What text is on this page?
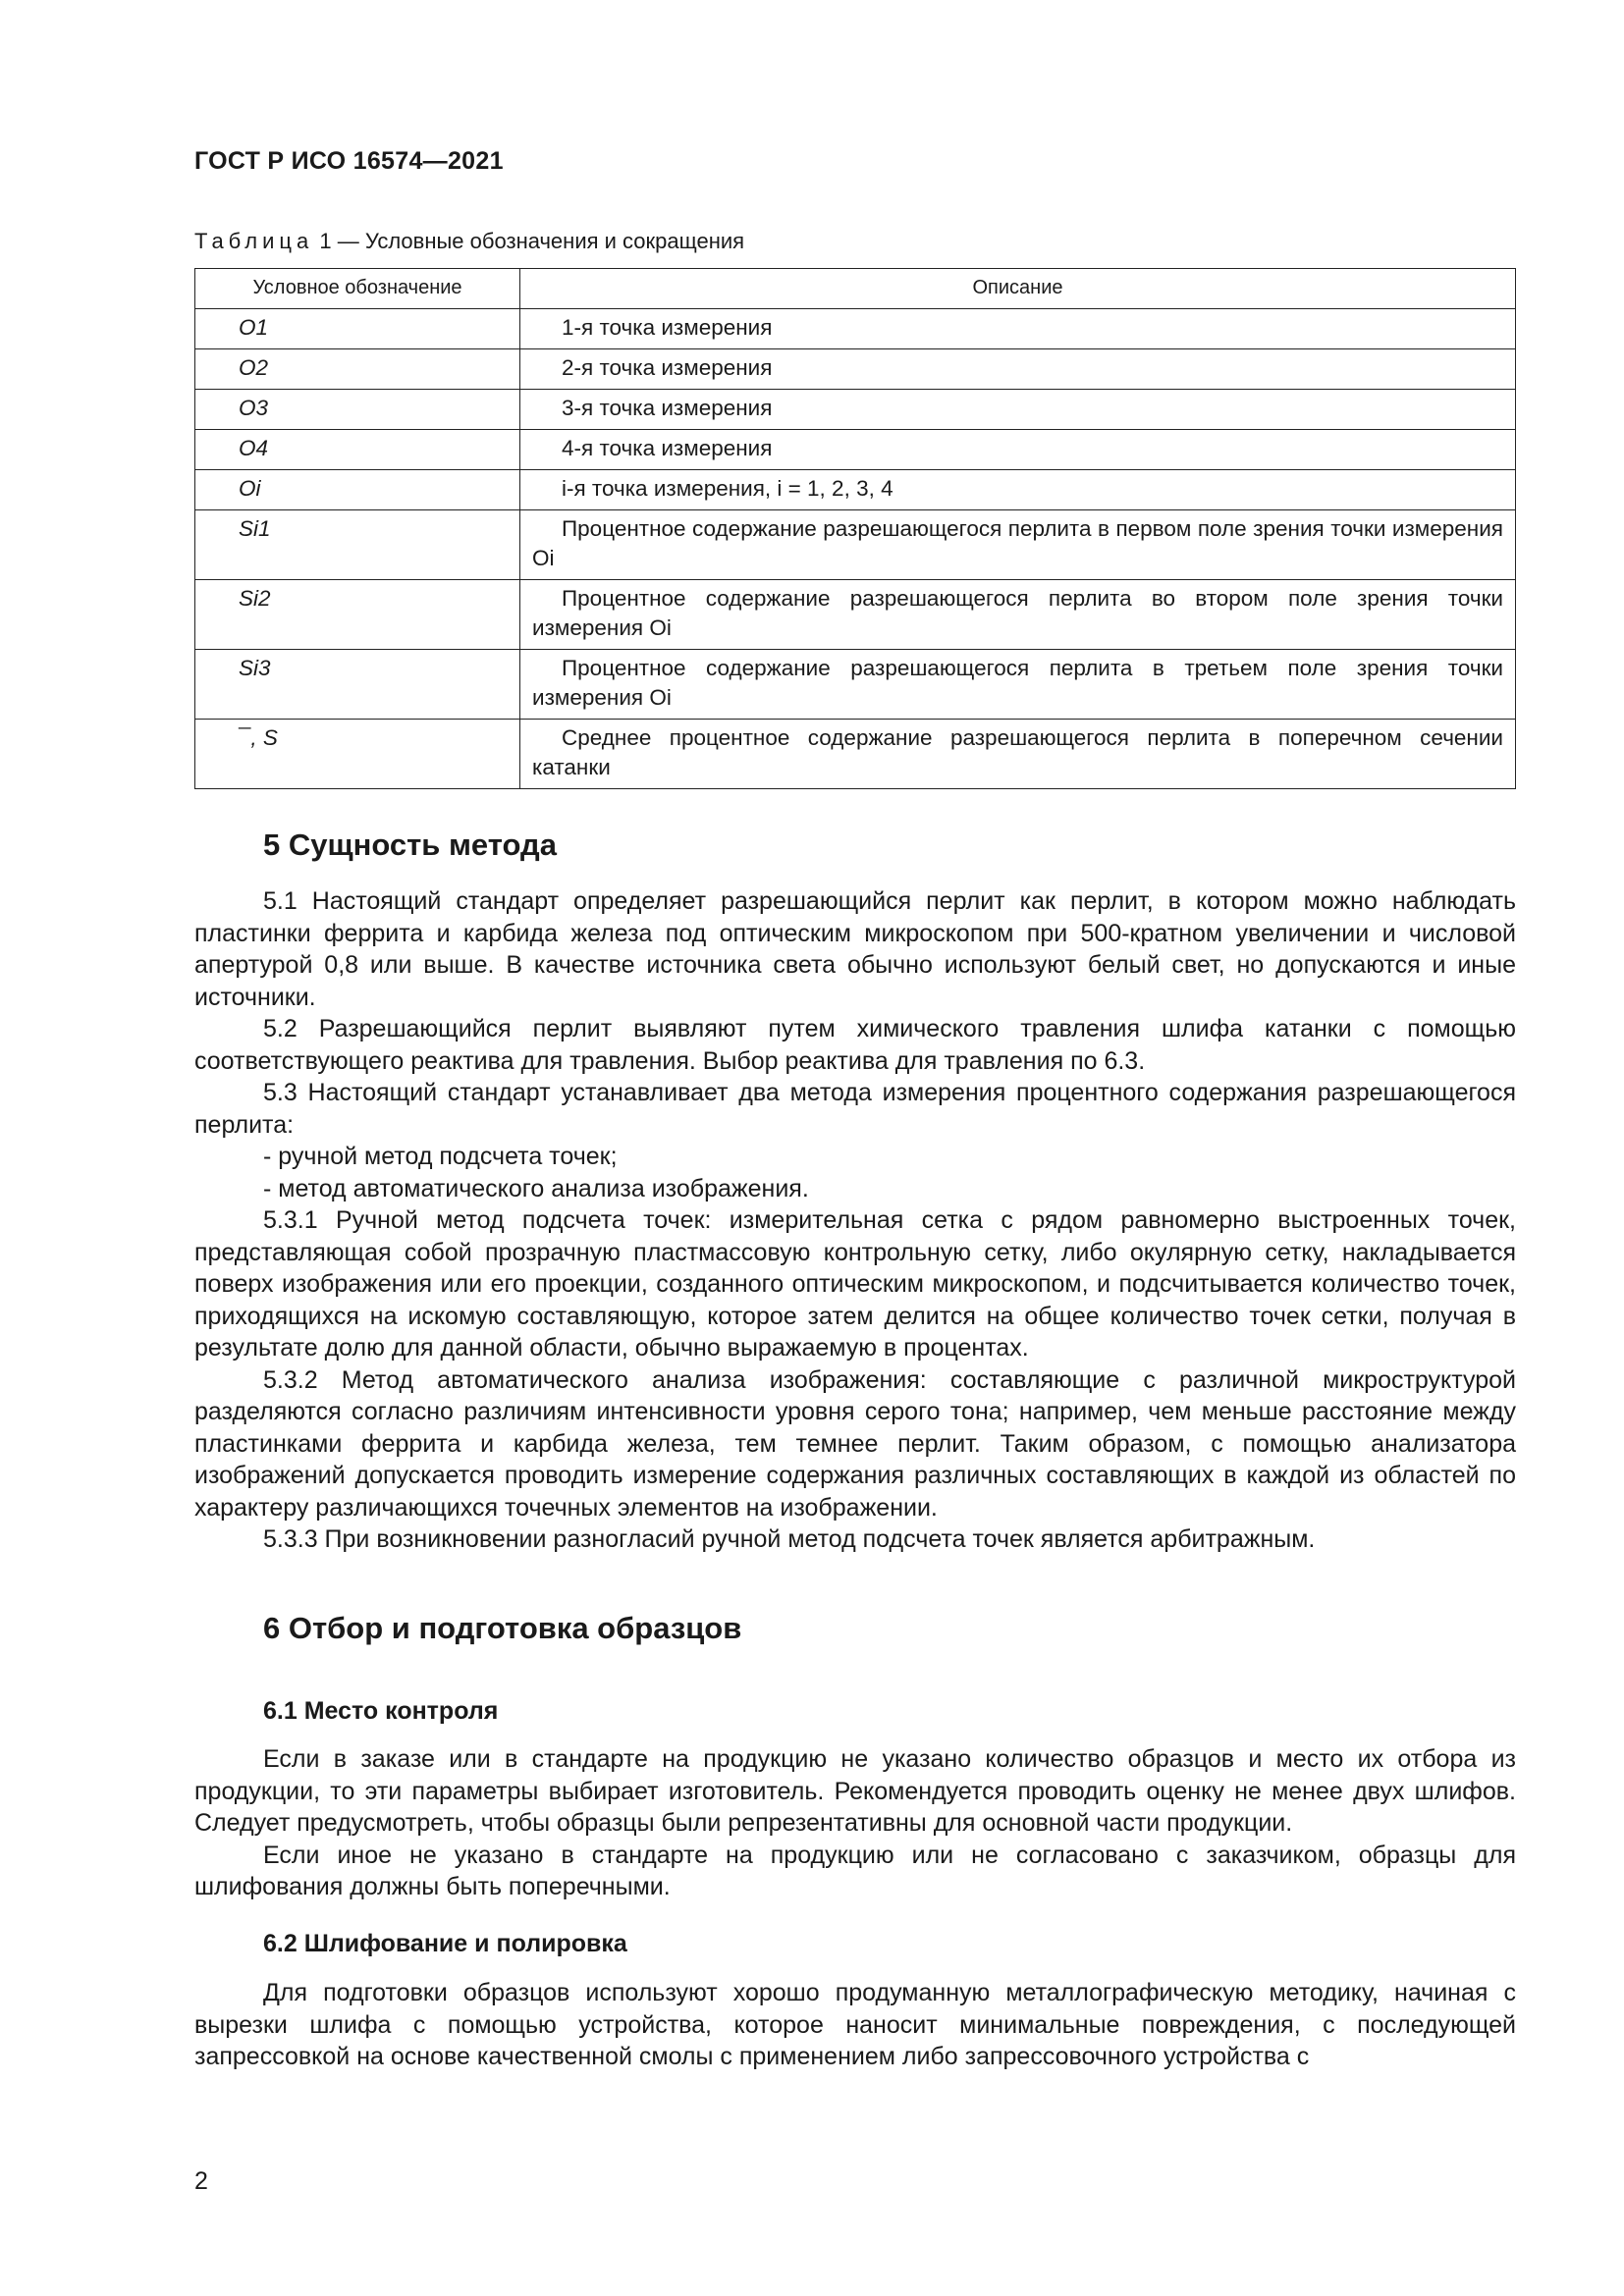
ГОСТ Р ИСО 16574—2021
Таблица 1 — Условные обозначения и сокращения
Условное обозначение	Описание
O1	1-я точка измерения
O2	2-я точка измерения
O3	3-я точка измерения
O4	4-я точка измерения
Oi	i-я точка измерения, i = 1, 2, 3, 4
Si1	Процентное содержание разрешающегося перлита в первом поле зрения точки измерения Oi
Si2	Процентное содержание разрешающегося перлита во втором поле зрения точки измерения Oi
Si3	Процентное содержание разрешающегося перлита в третьем поле зрения точки измерения Oi
¯, S	Среднее процентное содержание разрешающегося перлита в поперечном сечении катанки
5 Сущность метода

5.1 Настоящий стандарт определяет разрешающийся перлит как перлит, в котором можно наблюдать пластинки феррита и карбида железа под оптическим микроскопом при 500-кратном увеличении и числовой апертурой 0,8 или выше. В качестве источника света обычно используют белый свет, но допускаются и иные источники.

5.2 Разрешающийся перлит выявляют путем химического травления шлифа катанки с помощью соответствующего реактива для травления. Выбор реактива для травления по 6.3.

5.3 Настоящий стандарт устанавливает два метода измерения процентного содержания разрешающегося перлита:

- ручной метод подсчета точек;

- метод автоматического анализа изображения.

5.3.1 Ручной метод подсчета точек: измерительная сетка с рядом равномерно выстроенных точек, представляющая собой прозрачную пластмассовую контрольную сетку, либо окулярную сетку, накладывается поверх изображения или его проекции, созданного оптическим микроскопом, и подсчитывается количество точек, приходящихся на искомую составляющую, которое затем делится на общее количество точек сетки, получая в результате долю для данной области, обычно выражаемую в процентах.

5.3.2 Метод автоматического анализа изображения: составляющие с различной микроструктурой разделяются согласно различиям интенсивности уровня серого тона; например, чем меньше расстояние между пластинками феррита и карбида железа, тем темнее перлит. Таким образом, с помощью анализатора изображений допускается проводить измерение содержания различных составляющих в каждой из областей по характеру различающихся точечных элементов на изображении.

5.3.3 При возникновении разногласий ручной метод подсчета точек является арбитражным.

6 Отбор и подготовка образцов
6.1 Место контроля

Если в заказе или в стандарте на продукцию не указано количество образцов и место их отбора из продукции, то эти параметры выбирает изготовитель. Рекомендуется проводить оценку не менее двух шлифов. Следует предусмотреть, чтобы образцы были репрезентативны для основной части продукции.

Если иное не указано в стандарте на продукцию или не согласовано с заказчиком, образцы для шлифования должны быть поперечными.

6.2 Шлифование и полировка

Для подготовки образцов используют хорошо продуманную металлографическую методику, начиная с вырезки шлифа с помощью устройства, которое наносит минимальные повреждения, с последующей запрессовкой на основе качественной смолы с применением либо запрессовочного устройства с

2
